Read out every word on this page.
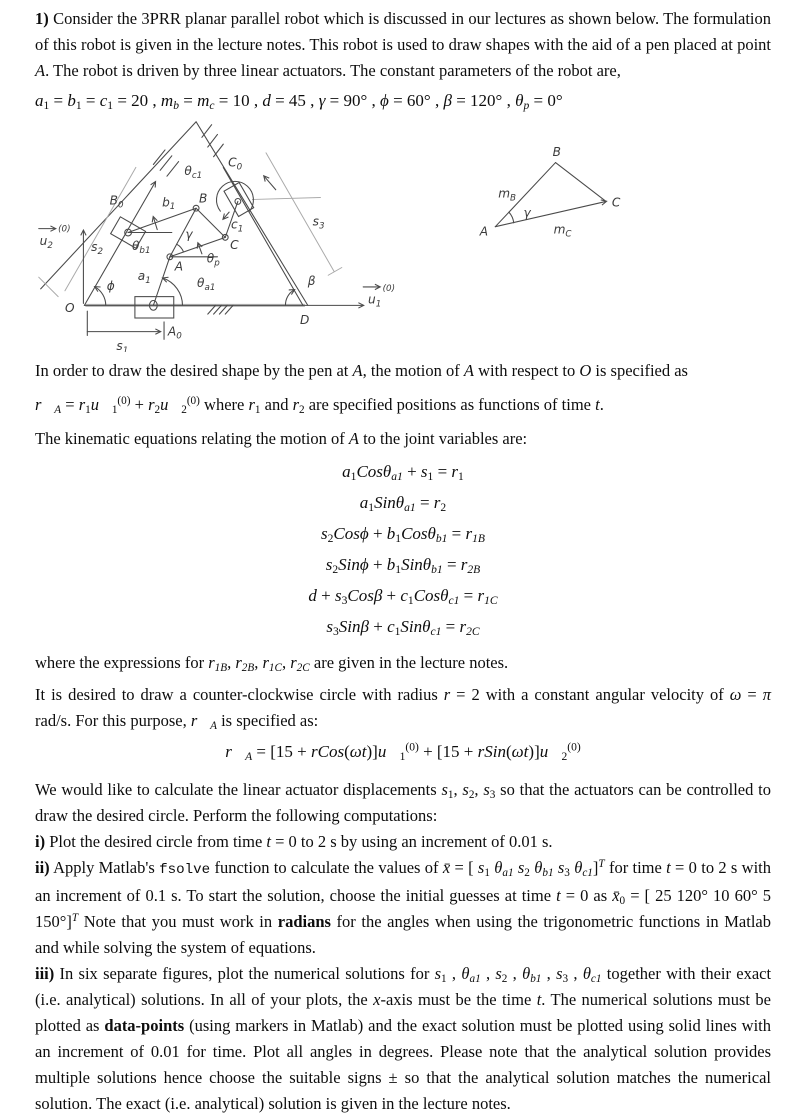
1) Consider the 3PRR planar parallel robot which is discussed in our lectures as shown below. The formulation of this robot is given in the lecture notes. This robot is used to draw shapes with the aid of a pen placed at point A. The robot is driven by three linear actuators. The constant parameters of the robot are,

a1 = b1 = c1 = 20 , mb = mc = 10 , d = 45 , γ = 90° , ϕ = 60° , β = 120° , θp = 0°

O
D
A
B
C
$A_0$
$B_0$
$C_0$
$a_1$
$b_1$
$c_1$
$s_1$
$s_2$
$s_3$
$\theta_{a1}$
$\theta_{b1}$
$\theta_{c1}$
$\theta_p$
ϕ	β
γ
$u_1$
(0)
$u_2$
(0)	A
B
C
$m_B$
$m_C$
γ

In order to draw the desired shape by the pen at A, the motion of A with respect to O is specified as

r⃗A = $r1u⃗1^{(0)}$ + $r2u⃗2^{(0)}$ where r1 and r2 are specified positions as functions of time t.

The kinematic equations relating the motion of A to the joint variables are:

a1Cosθa1 + s1 = r1
a1Sinθa1 = r2
s2Cosϕ + b1Cosθb1 = r1B
s2Sinϕ + b1Sinθb1 = r2B
d + s3Cosβ + c1Cosθc1 = r1C
s3Sinβ + c1Sinθc1 = r2C

where the expressions for r1B, r2B, r1C, r2C are given in the lecture notes.

It is desired to draw a counter-clockwise circle with radius r = 2 with a constant angular velocity of ω = π rad/s. For this purpose, r⃗A is specified as:

r⃗A = $[15 + rCos(\omega t)]u⃗1^{(0)} + [15$ + $rSin(\omega t)]u⃗2^{(0)}$

We would like to calculate the linear actuator displacements s1, s2, s3 so that the actuators can be controlled to draw the desired circle. Perform the following computations:

i) Plot the desired circle from time t = 0 to 2 s by using an increment of 0.01 s.

ii) Apply Matlab's fsolve function to calculate the values of x̄ = [ s1 θa1 s2 θb1 s3 θc1]$^T$ for time t = 0 to 2 s with an increment of 0.1 s. To start the solution, choose the initial guesses at time t = 0 as x̄0 = [ 25 120° 10 60° 5 150°]$^T$ Note that you must work in radians for the angles when using the trigonometric functions in Matlab and while solving the system of equations.

iii) In six separate figures, plot the numerical solutions for s1 , θa1 , s2 , θb1 , s3 , θc1 together with their exact (i.e. analytical) solutions. In all of your plots, the x-axis must be the time t. The numerical solutions must be plotted as data-points (using markers in Matlab) and the exact solution must be plotted using solid lines with an increment of 0.01 for time. Plot all angles in degrees. Please note that the analytical solution provides multiple solutions hence choose the suitable signs ± so that the analytical solution matches the numerical solution. The exact (i.e. analytical) solution is given in the lecture notes.
